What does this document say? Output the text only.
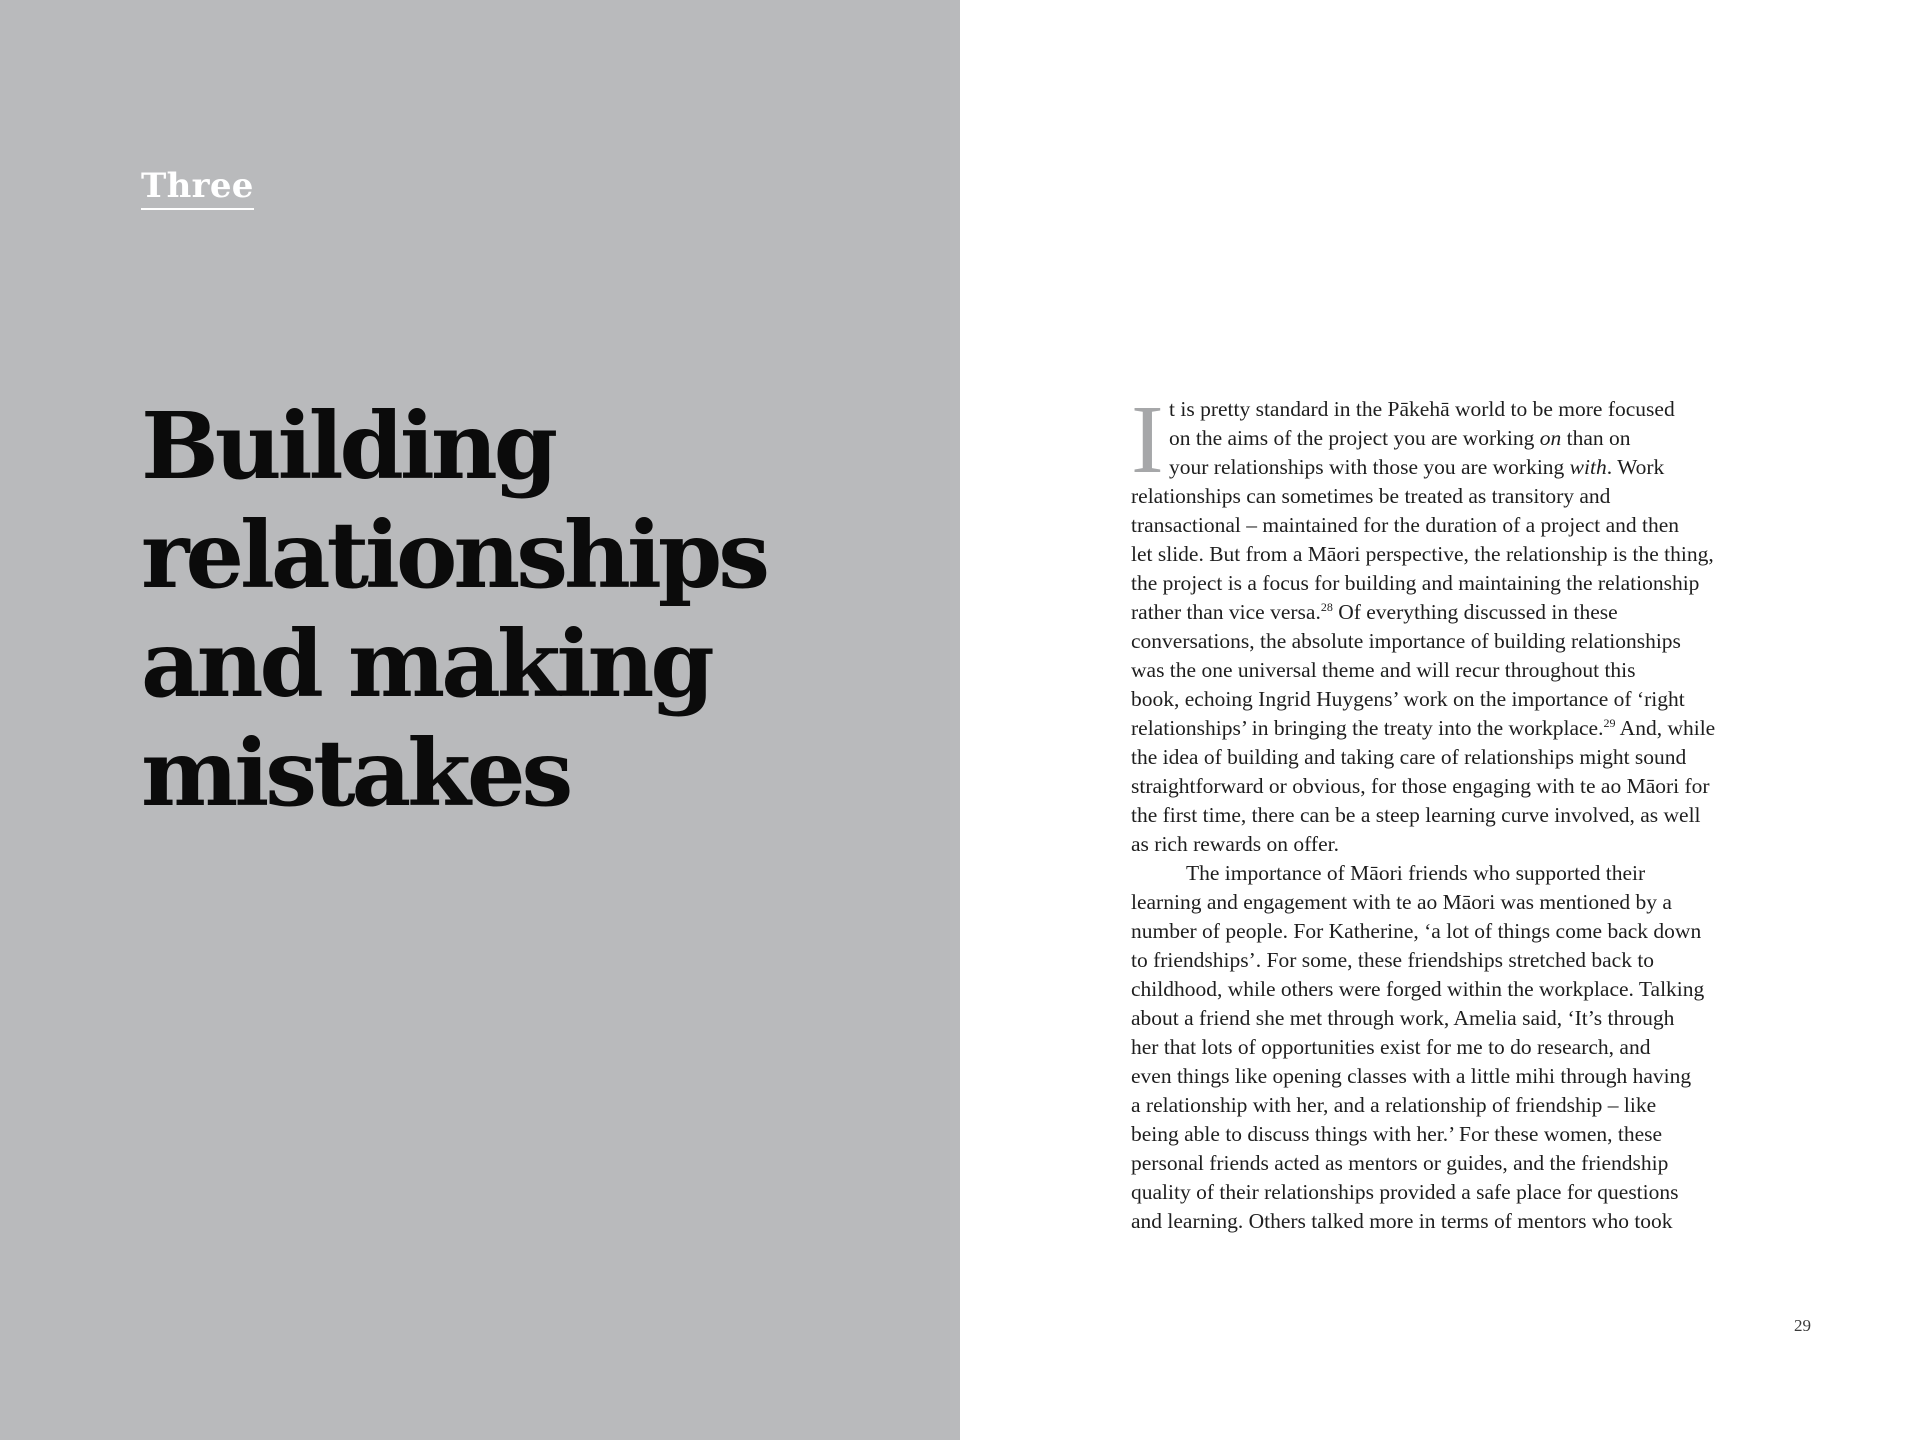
Three
Building
relationships
and making
mistakes
I t is pretty standard in the Pākehā world to be more focused
on the aims of the project you are working on than on
your relationships with those you are working with. Work
relationships can sometimes be treated as transitory and
transactional – maintained for the duration of a project and then
let slide. But from a Māori perspective, the relationship is the thing,
the project is a focus for building and maintaining the relationship
rather than vice versa.$^{28}$ Of everything discussed in these
conversations, the absolute importance of building relationships
was the one universal theme and will recur throughout this
book, echoing Ingrid Huygens’ work on the importance of ‘right
relationships’ in bringing the treaty into the workplace.$^{29}$ And, while
the idea of building and taking care of relationships might sound
straightforward or obvious, for those engaging with te ao Māori for
the first time, there can be a steep learning curve involved, as well
as rich rewards on offer.
The importance of Māori friends who supported their
learning and engagement with te ao Māori was mentioned by a
number of people. For Katherine, ‘a lot of things come back down
to friendships’. For some, these friendships stretched back to
childhood, while others were forged within the workplace. Talking
about a friend she met through work, Amelia said, ‘It’s through
her that lots of opportunities exist for me to do research, and
even things like opening classes with a little mihi through having
a relationship with her, and a relationship of friendship – like
being able to discuss things with her.’ For these women, these
personal friends acted as mentors or guides, and the friendship
quality of their relationships provided a safe place for questions
and learning. Others talked more in terms of mentors who took
29
